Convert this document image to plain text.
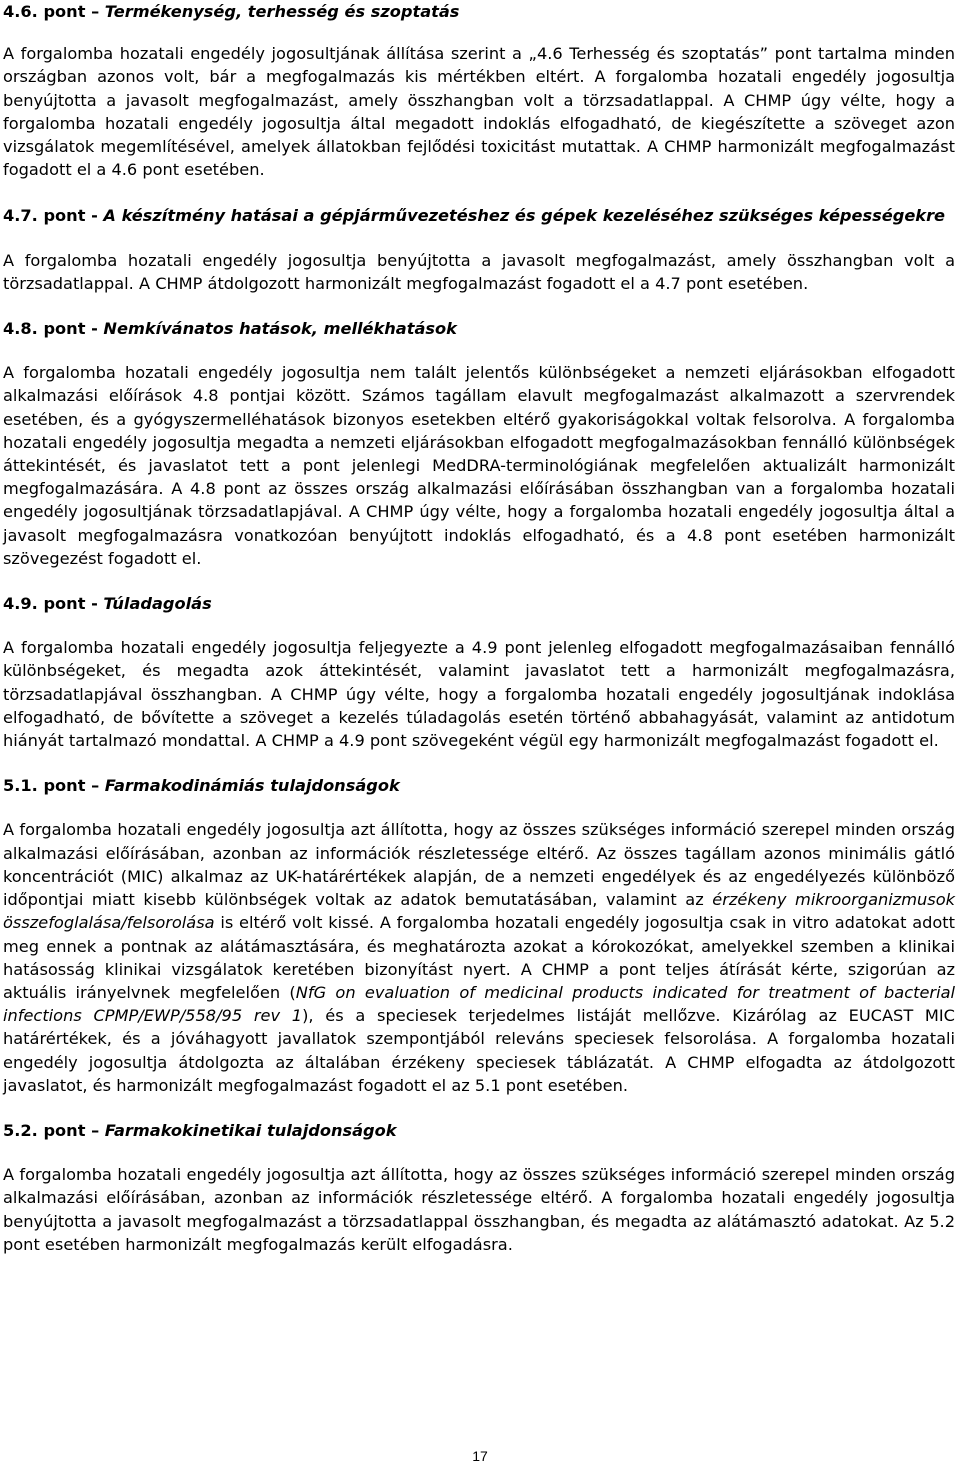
4.6. pont – Termékenység, terhesség és szoptatás

A forgalomba hozatali engedély jogosultjának állítása szerint a „4.6 Terhesség és szoptatás” pont tartalma minden országban azonos volt, bár a megfogalmazás kis mértékben eltért. A forgalomba hozatali engedély jogosultja benyújtotta a javasolt megfogalmazást, amely összhangban volt a törzsadatlappal. A CHMP úgy vélte, hogy a forgalomba hozatali engedély jogosultja által megadott indoklás elfogadható, de kiegészítette a szöveget azon vizsgálatok megemlítésével, amelyek állatokban fejlődési toxicitást mutattak. A CHMP harmonizált megfogalmazást fogadott el a 4.6 pont esetében.

4.7. pont - A készítmény hatásai a gépjárművezetéshez és gépek kezeléséhez szükséges képességekre

A forgalomba hozatali engedély jogosultja benyújtotta a javasolt megfogalmazást, amely összhangban volt a törzsadatlappal. A CHMP átdolgozott harmonizált megfogalmazást fogadott el a 4.7 pont esetében.

4.8. pont - Nemkívánatos hatások, mellékhatások

A forgalomba hozatali engedély jogosultja nem talált jelentős különbségeket a nemzeti eljárásokban elfogadott alkalmazási előírások 4.8 pontjai között. Számos tagállam elavult megfogalmazást alkalmazott a szervrendek esetében, és a gyógyszermelléhatások bizonyos esetekben eltérő gyakoriságokkal voltak felsorolva. A forgalomba hozatali engedély jogosultja megadta a nemzeti eljárásokban elfogadott megfogalmazásokban fennálló különbségek áttekintését, és javaslatot tett a pont jelenlegi MedDRA-terminológiának megfelelően aktualizált harmonizált megfogalmazására. A 4.8 pont az összes ország alkalmazási előírásában összhangban van a forgalomba hozatali engedély jogosultjának törzsadatlapjával. A CHMP úgy vélte, hogy a forgalomba hozatali engedély jogosultja által a javasolt megfogalmazásra vonatkozóan benyújtott indoklás elfogadható, és a 4.8 pont esetében harmonizált szövegezést fogadott el.

4.9. pont - Túladagolás

A forgalomba hozatali engedély jogosultja feljegyezte a 4.9 pont jelenleg elfogadott megfogalmazásaiban fennálló különbségeket, és megadta azok áttekintését, valamint javaslatot tett a harmonizált megfogalmazásra, törzsadatlapjával összhangban. A CHMP úgy vélte, hogy a forgalomba hozatali engedély jogosultjának indoklása elfogadható, de bővítette a szöveget a kezelés túladagolás esetén történő abbahagyását, valamint az antidotum hiányát tartalmazó mondattal. A CHMP a 4.9 pont szövegeként végül egy harmonizált megfogalmazást fogadott el.

5.1. pont – Farmakodinámiás tulajdonságok

A forgalomba hozatali engedély jogosultja azt állította, hogy az összes szükséges információ szerepel minden ország alkalmazási előírásában, azonban az információk részletessége eltérő. Az összes tagállam azonos minimális gátló koncentrációt (MIC) alkalmaz az UK-határértékek alapján, de a nemzeti engedélyek és az engedélyezés különböző időpontjai miatt kisebb különbségek voltak az adatok bemutatásában, valamint az érzékeny mikroorganizmusok összefoglalása/felsorolása is eltérő volt kissé. A forgalomba hozatali engedély jogosultja csak in vitro adatokat adott meg ennek a pontnak az alátámasztására, és meghatározta azokat a kórokozókat, amelyekkel szemben a klinikai hatásosság klinikai vizsgálatok keretében bizonyítást nyert. A CHMP a pont teljes átírását kérte, szigorúan az aktuális irányelvnek megfelelően (NfG on evaluation of medicinal products indicated for treatment of bacterial infections CPMP/EWP/558/95 rev 1), és a speciesek terjedelmes listáját mellőzve. Kizárólag az EUCAST MIC határértékek, és a jóváhagyott javallatok szempontjából releváns speciesek felsorolása. A forgalomba hozatali engedély jogosultja átdolgozta az általában érzékeny speciesek táblázatát. A CHMP elfogadta az átdolgozott javaslatot, és harmonizált megfogalmazást fogadott el az 5.1 pont esetében.

5.2. pont – Farmakokinetikai tulajdonságok

A forgalomba hozatali engedély jogosultja azt állította, hogy az összes szükséges információ szerepel minden ország alkalmazási előírásában, azonban az információk részletessége eltérő. A forgalomba hozatali engedély jogosultja benyújtotta a javasolt megfogalmazást a törzsadatlappal összhangban, és megadta az alátámasztó adatokat. Az 5.2 pont esetében harmonizált megfogalmazás került elfogadásra.

17
